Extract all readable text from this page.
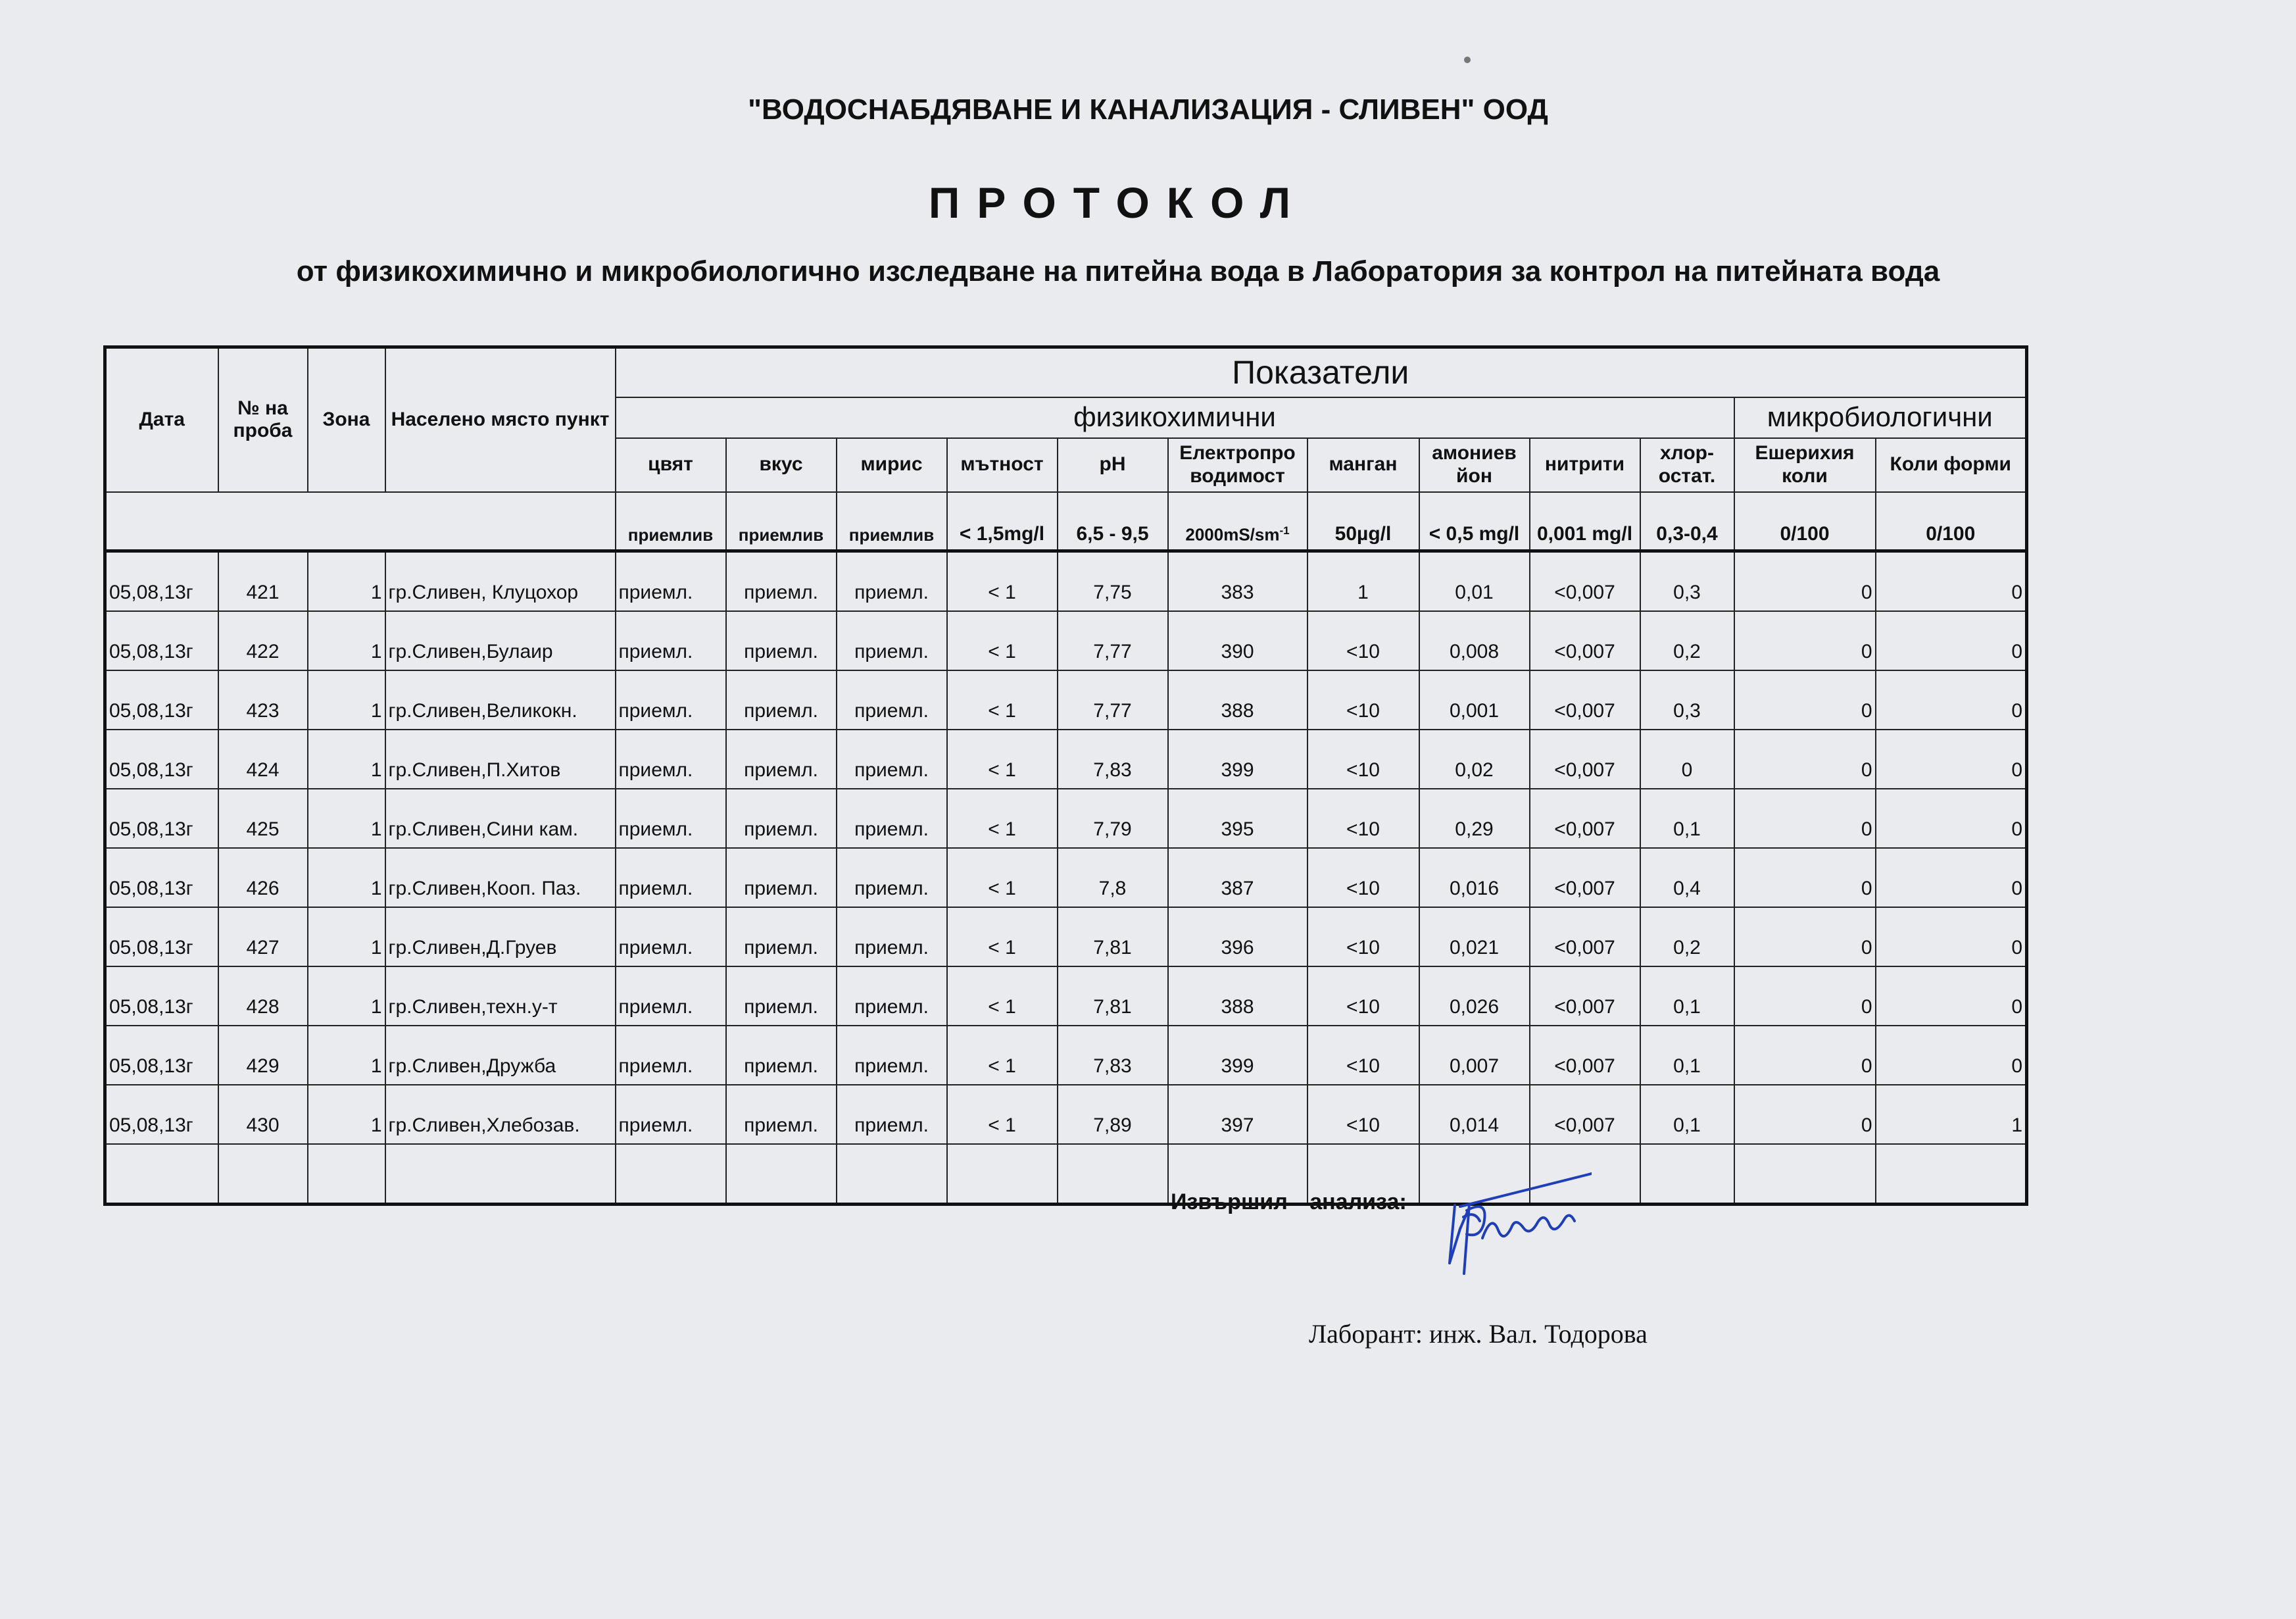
"ВОДОСНАБДЯВАНЕ И КАНАЛИЗАЦИЯ - СЛИВЕН" ООД
ПРОТОКОЛ
от физикохимично и микробиологично изследване на питейна вода в Лаборатория за контрол на питейната вода
Дата	№ на проба	Зона	Населено място пункт	Показатели											
				физикохимични										микробиологични	
				цвят	вкус	мирис	мътност	pH	Електропро водимост	манган	амониев йон	нитрити	хлор-остат.	Ешерихия коли	Коли форми
				приемлив	приемлив	приемлив	< 1,5mg/l	6,5 - 9,5	$2000mS/sm^{-1}$	50µg/l	< 0,5 mg/l	0,001 mg/l	0,3-0,4	0/100	0/100
05,08,13г	421	1	гр.Сливен, Клуцохор	приемл.	приемл.	приемл.	< 1	7,75	383	1	0,01	<0,007	0,3	0	0
05,08,13г	422	1	гр.Сливен,Булаир	приемл.	приемл.	приемл.	< 1	7,77	390	<10	0,008	<0,007	0,2	0	0
05,08,13г	423	1	гр.Сливен,Великокн.	приемл.	приемл.	приемл.	< 1	7,77	388	<10	0,001	<0,007	0,3	0	0
05,08,13г	424	1	гр.Сливен,П.Хитов	приемл.	приемл.	приемл.	< 1	7,83	399	<10	0,02	<0,007	0	0	0
05,08,13г	425	1	гр.Сливен,Сини кам.	приемл.	приемл.	приемл.	< 1	7,79	395	<10	0,29	<0,007	0,1	0	0
05,08,13г	426	1	гр.Сливен,Кооп. Паз.	приемл.	приемл.	приемл.	< 1	7,8	387	<10	0,016	<0,007	0,4	0	0
05,08,13г	427	1	гр.Сливен,Д.Груев	приемл.	приемл.	приемл.	< 1	7,81	396	<10	0,021	<0,007	0,2	0	0
05,08,13г	428	1	гр.Сливен,техн.у-т	приемл.	приемл.	приемл.	< 1	7,81	388	<10	0,026	<0,007	0,1	0	0
05,08,13г	429	1	гр.Сливен,Дружба	приемл.	приемл.	приемл.	< 1	7,83	399	<10	0,007	<0,007	0,1	0	0
05,08,13г	430	1	гр.Сливен,Хлебозав.	приемл.	приемл.	приемл.	< 1	7,89	397	<10	0,014	<0,007	0,1	0	1

Извършил анализа:
Лаборант: инж. Вал. Тодорова
